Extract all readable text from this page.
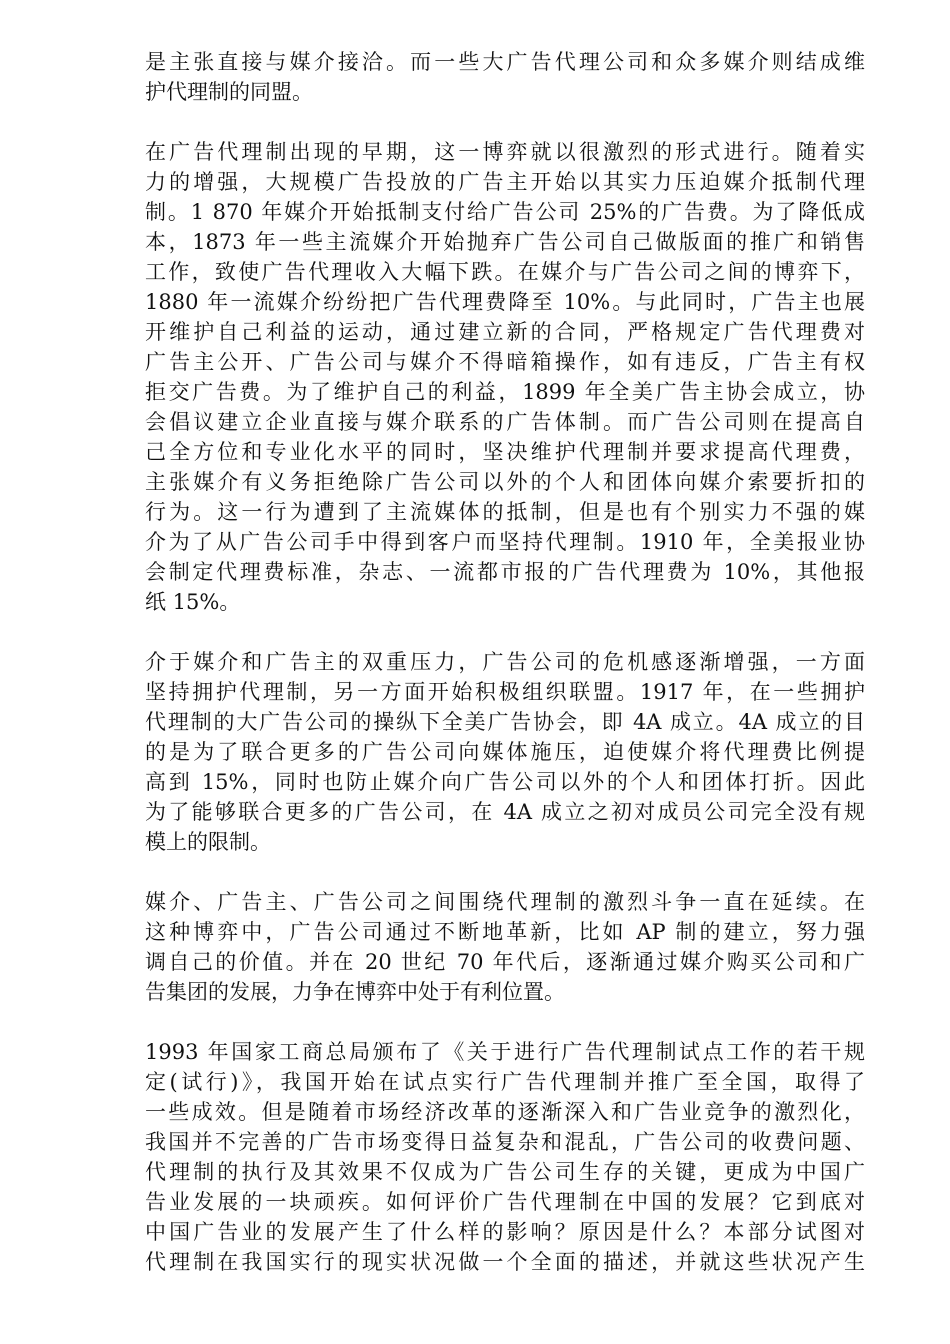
是主张直接与媒介接洽。而一些大广告代理公司和众多媒介则结成维
护代理制的同盟。
在广告代理制出现的早期，这一博弈就以很激烈的形式进行。随着实
力的增强，大规模广告投放的广告主开始以其实力压迫媒介抵制代理
制。1 870 年媒介开始抵制支付给广告公司 25%的广告费。为了降低成
本，1873 年一些主流媒介开始抛弃广告公司自己做版面的推广和销售
工作，致使广告代理收入大幅下跌。在媒介与广告公司之间的博弈下，
1880 年一流媒介纷纷把广告代理费降至 10%。与此同时，广告主也展
开维护自己利益的运动，通过建立新的合同，严格规定广告代理费对
广告主公开、广告公司与媒介不得暗箱操作，如有违反，广告主有权
拒交广告费。为了维护自己的利益，1899 年全美广告主协会成立，协
会倡议建立企业直接与媒介联系的广告体制。而广告公司则在提高自
己全方位和专业化水平的同时，坚决维护代理制并要求提高代理费，
主张媒介有义务拒绝除广告公司以外的个人和团体向媒介索要折扣的
行为。这一行为遭到了主流媒体的抵制，但是也有个别实力不强的媒
介为了从广告公司手中得到客户而坚持代理制。1910 年，全美报业协
会制定代理费标准，杂志、一流都市报的广告代理费为 10%，其他报
纸 15%。
介于媒介和广告主的双重压力，广告公司的危机感逐渐增强，一方面
坚持拥护代理制，另一方面开始积极组织联盟。1917 年，在一些拥护
代理制的大广告公司的操纵下全美广告协会，即 4A 成立。4A 成立的目
的是为了联合更多的广告公司向媒体施压，迫使媒介将代理费比例提
高到 15%，同时也防止媒介向广告公司以外的个人和团体打折。因此
为了能够联合更多的广告公司，在 4A 成立之初对成员公司完全没有规
模上的限制。
媒介、广告主、广告公司之间围绕代理制的激烈斗争一直在延续。在
这种博弈中，广告公司通过不断地革新，比如 AP 制的建立，努力强
调自己的价值。并在 20 世纪 70 年代后，逐渐通过媒介购买公司和广
告集团的发展，力争在博弈中处于有利位置。
1993 年国家工商总局颁布了《关于进行广告代理制试点工作的若干规
定(试行)》，我国开始在试点实行广告代理制并推广至全国，取得了
一些成效。但是随着市场经济改革的逐渐深入和广告业竞争的激烈化，
我国并不完善的广告市场变得日益复杂和混乱，广告公司的收费问题、
代理制的执行及其效果不仅成为广告公司生存的关键，更成为中国广
告业发展的一块顽疾。如何评价广告代理制在中国的发展？它到底对
中国广告业的发展产生了什么样的影响？原因是什么？本部分试图对
代理制在我国实行的现实状况做一个全面的描述，并就这些状况产生
